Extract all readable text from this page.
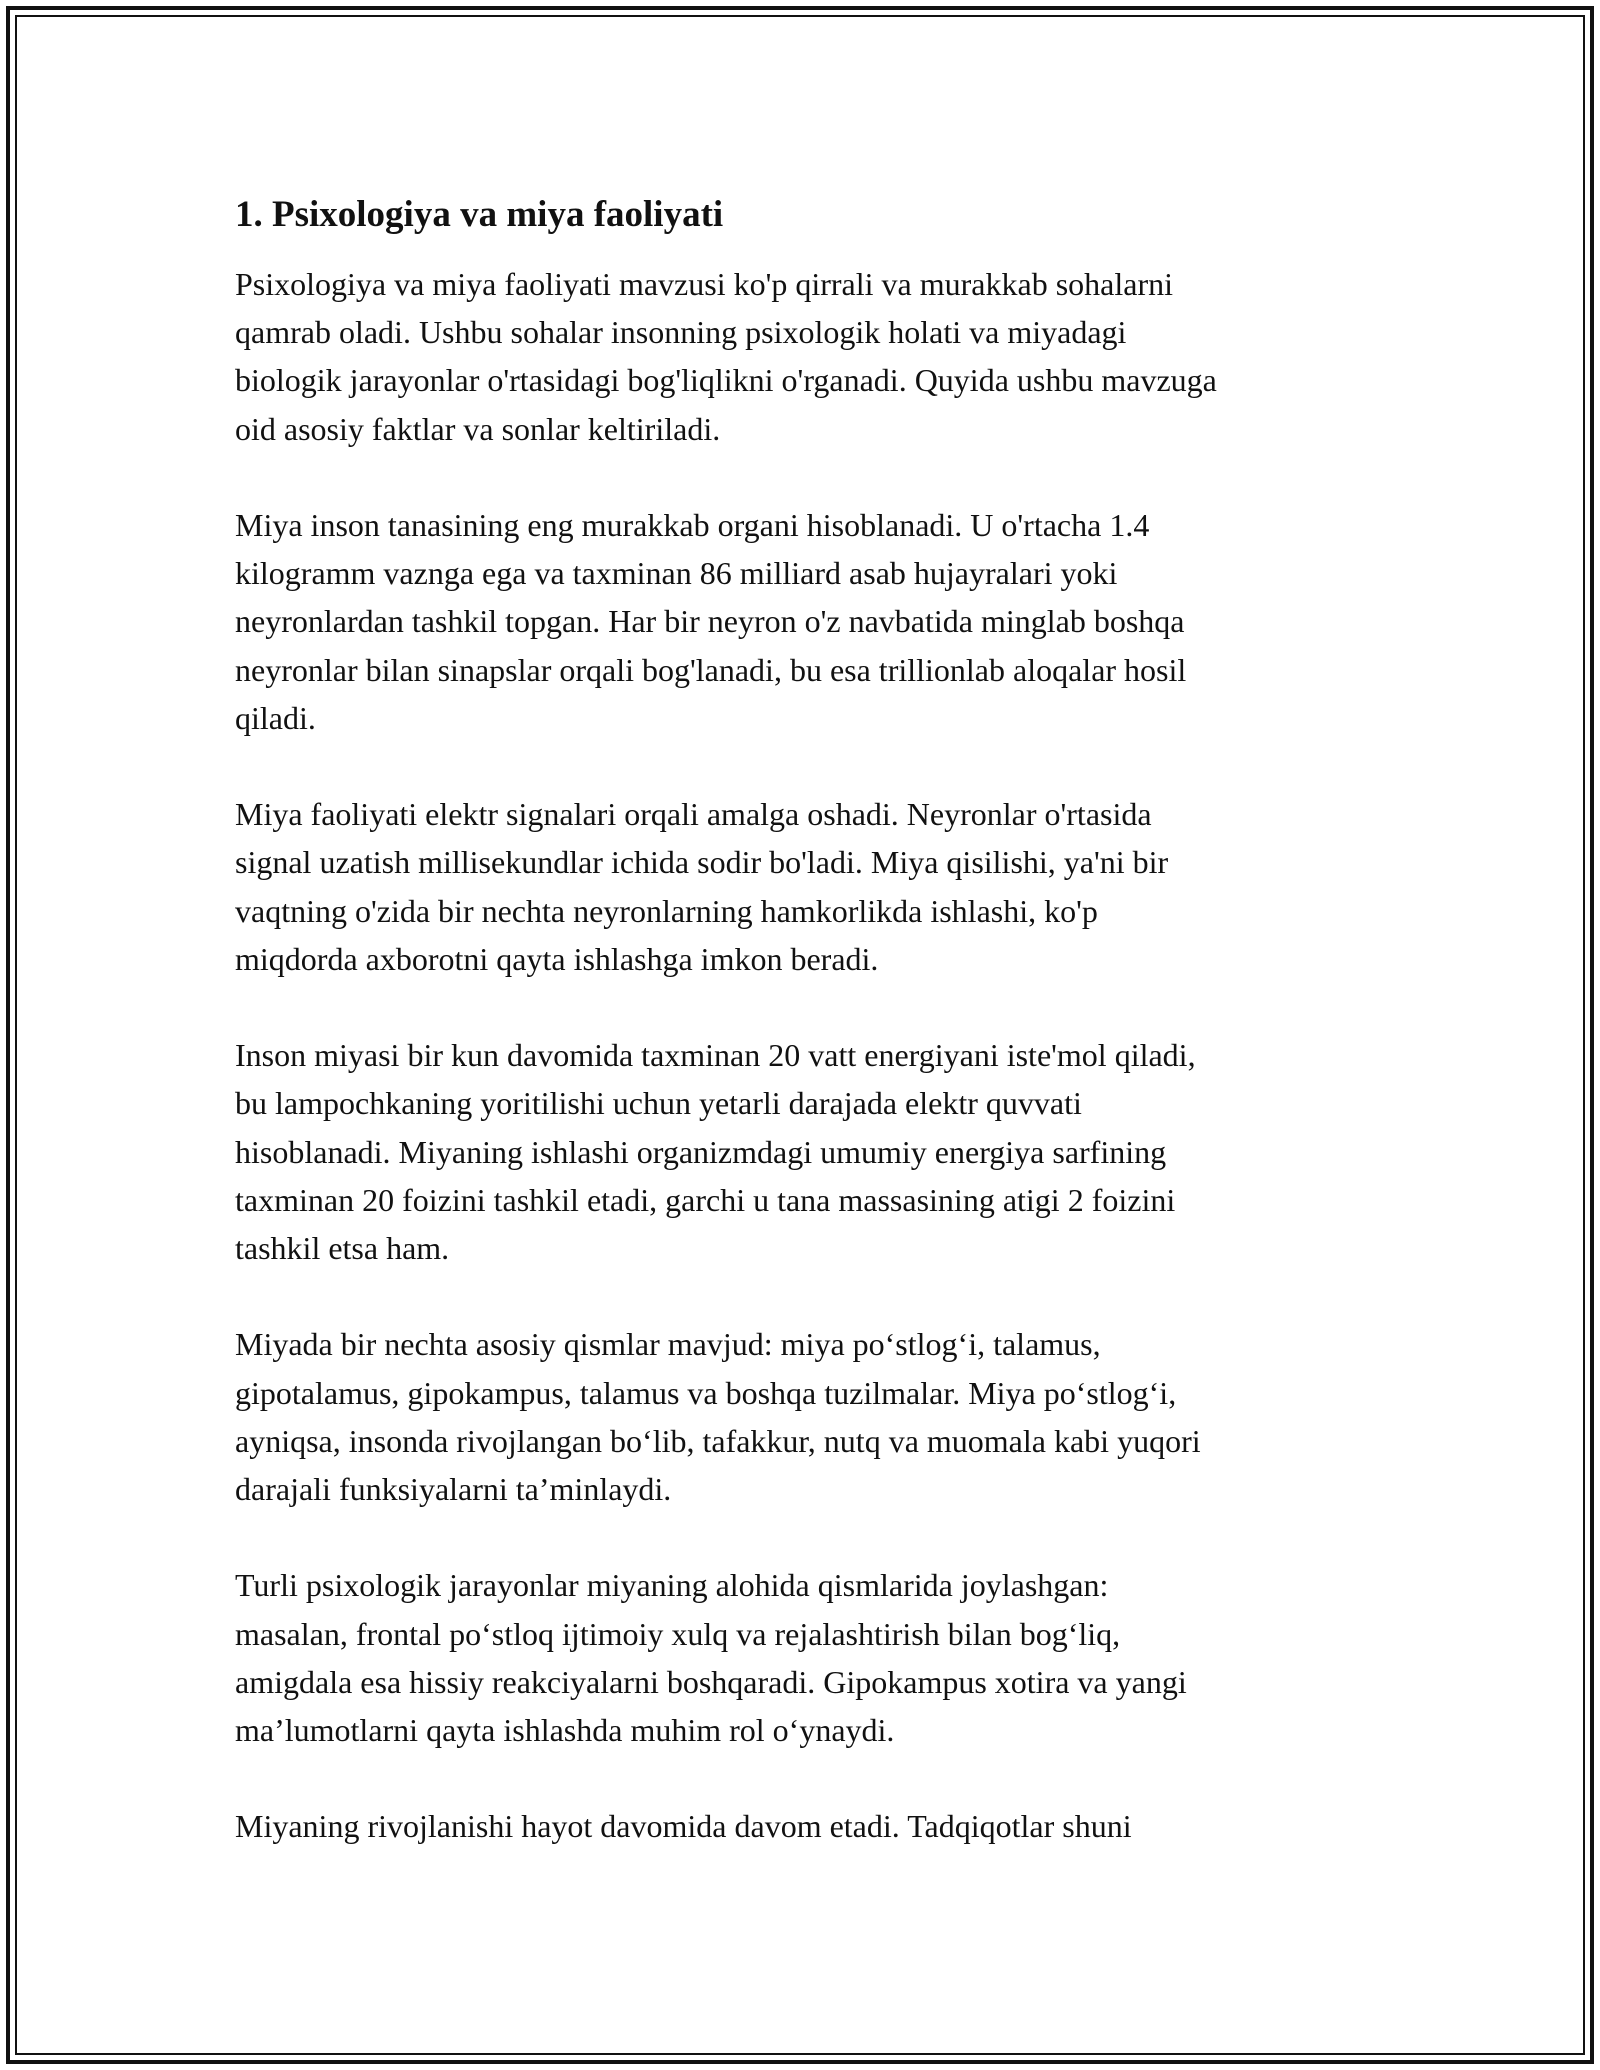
1. Psixologiya va miya faoliyati

Psixologiya va miya faoliyati mavzusi ko'p qirrali va murakkab sohalarni
qamrab oladi. Ushbu sohalar insonning psixologik holati va miyadagi
biologik jarayonlar o'rtasidagi bog'liqlikni o'rganadi. Quyida ushbu mavzuga
oid asosiy faktlar va sonlar keltiriladi.

Miya inson tanasining eng murakkab organi hisoblanadi. U o'rtacha 1.4
kilogramm vaznga ega va taxminan 86 milliard asab hujayralari yoki
neyronlardan tashkil topgan. Har bir neyron o'z navbatida minglab boshqa
neyronlar bilan sinapslar orqali bog'lanadi, bu esa trillionlab aloqalar hosil
qiladi.

Miya faoliyati elektr signalari orqali amalga oshadi. Neyronlar o'rtasida
signal uzatish millisekundlar ichida sodir bo'ladi. Miya qisilishi, ya'ni bir
vaqtning o'zida bir nechta neyronlarning hamkorlikda ishlashi, ko'p
miqdorda axborotni qayta ishlashga imkon beradi.

Inson miyasi bir kun davomida taxminan 20 vatt energiyani iste'mol qiladi,
bu lampochkaning yoritilishi uchun yetarli darajada elektr quvvati
hisoblanadi. Miyaning ishlashi organizmdagi umumiy energiya sarfining
taxminan 20 foizini tashkil etadi, garchi u tana massasining atigi 2 foizini
tashkil etsa ham.

Miyada bir nechta asosiy qismlar mavjud: miya po‘stlog‘i, talamus,
gipotalamus, gipokampus, talamus va boshqa tuzilmalar. Miya po‘stlog‘i,
ayniqsa, insonda rivojlangan bo‘lib, tafakkur, nutq va muomala kabi yuqori
darajali funksiyalarni ta’minlaydi.

Turli psixologik jarayonlar miyaning alohida qismlarida joylashgan:
masalan, frontal po‘stloq ijtimoiy xulq va rejalashtirish bilan bog‘liq,
amigdala esa hissiy reakciyalarni boshqaradi. Gipokampus xotira va yangi
ma’lumotlarni qayta ishlashda muhim rol o‘ynaydi.

Miyaning rivojlanishi hayot davomida davom etadi. Tadqiqotlar shuni
